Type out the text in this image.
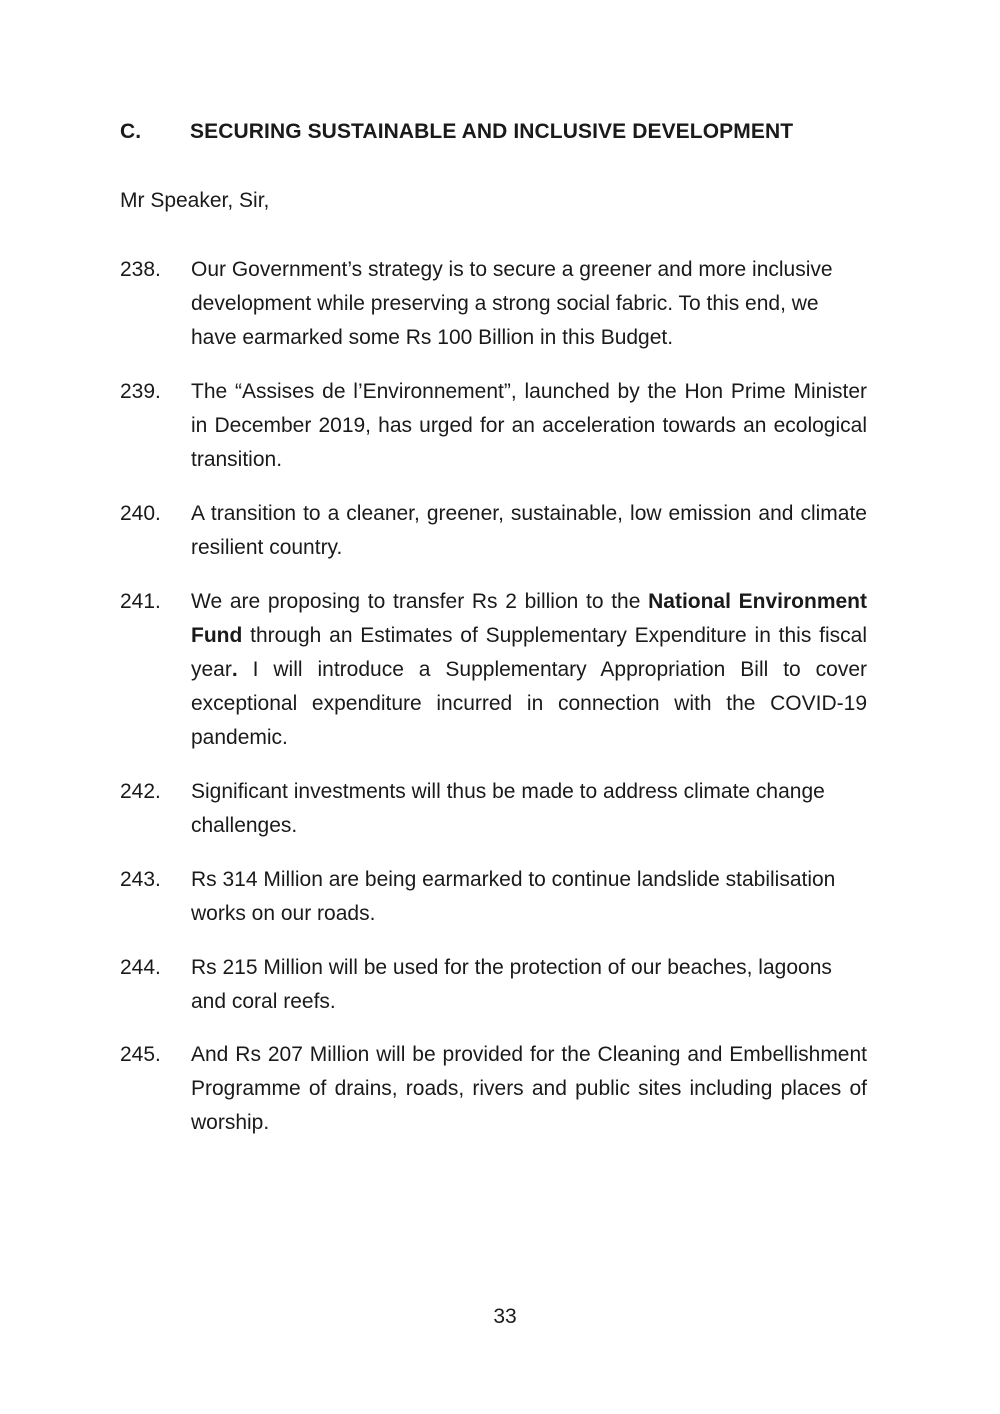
C. SECURING SUSTAINABLE AND INCLUSIVE DEVELOPMENT
Mr Speaker, Sir,
238. Our Government’s strategy is to secure a greener and more inclusive development while preserving a strong social fabric. To this end, we have earmarked some Rs 100 Billion in this Budget.
239. The “Assises de l’Environnement”, launched by the Hon Prime Minister in December 2019, has urged for an acceleration towards an ecological transition.
240. A transition to a cleaner, greener, sustainable, low emission and climate resilient country.
241. We are proposing to transfer Rs 2 billion to the National Environment Fund through an Estimates of Supplementary Expenditure in this fiscal year. I will introduce a Supplementary Appropriation Bill to cover exceptional expenditure incurred in connection with the COVID-19 pandemic.
242. Significant investments will thus be made to address climate change challenges.
243. Rs 314 Million are being earmarked to continue landslide stabilisation works on our roads.
244. Rs 215 Million will be used for the protection of our beaches, lagoons and coral reefs.
245. And Rs 207 Million will be provided for the Cleaning and Embellishment Programme of drains, roads, rivers and public sites including places of worship.
33
